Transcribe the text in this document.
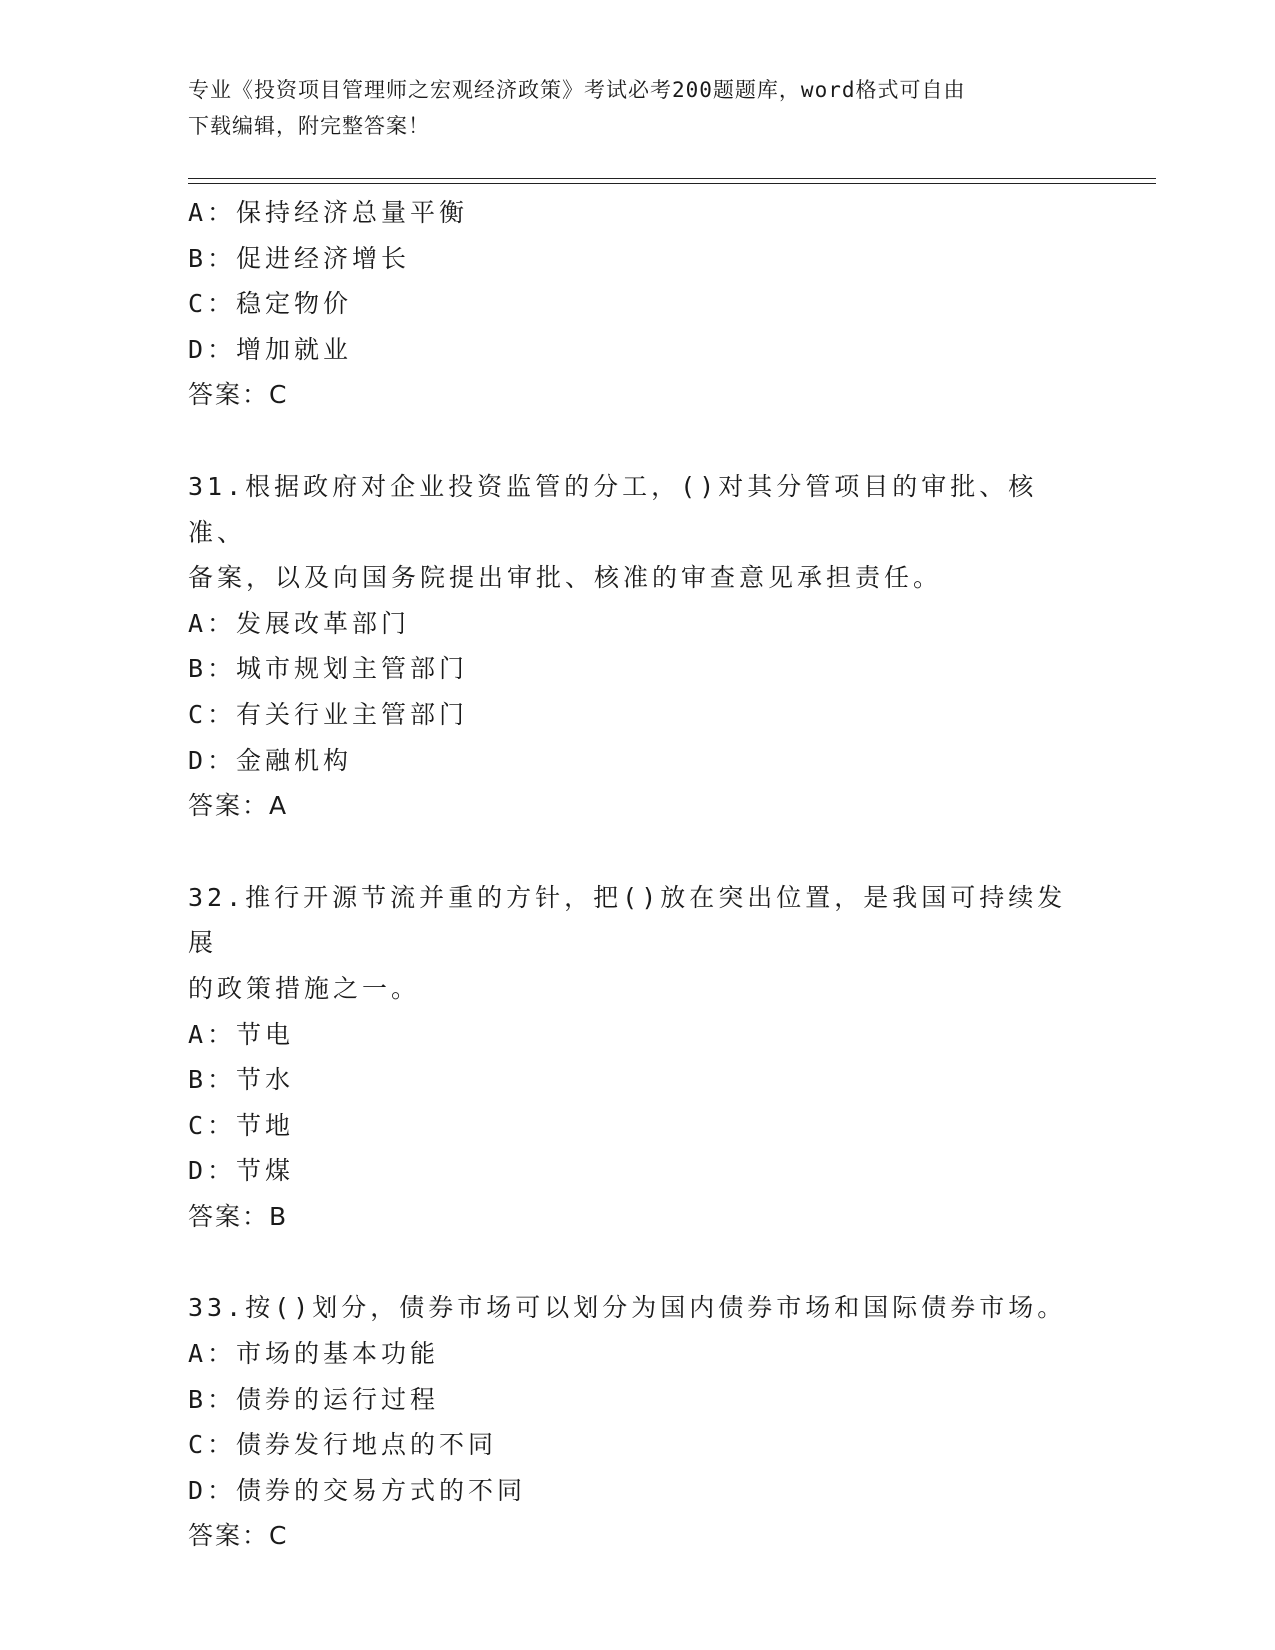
专业《投资项目管理师之宏观经济政策》考试必考200题题库，word格式可自由
下载编辑，附完整答案！
A：保持经济总量平衡
B：促进经济增长
C：稳定物价
D：增加就业
答案：C
31.根据政府对企业投资监管的分工，()对其分管项目的审批、核准、
备案，以及向国务院提出审批、核准的审查意见承担责任。
A：发展改革部门
B：城市规划主管部门
C：有关行业主管部门
D：金融机构
答案：A
32.推行开源节流并重的方针，把()放在突出位置，是我国可持续发展
的政策措施之一。
A：节电
B：节水
C：节地
D：节煤
答案：B
33.按()划分，债券市场可以划分为国内债券市场和国际债券市场。
A：市场的基本功能
B：债券的运行过程
C：债券发行地点的不同
D：债券的交易方式的不同
答案：C
